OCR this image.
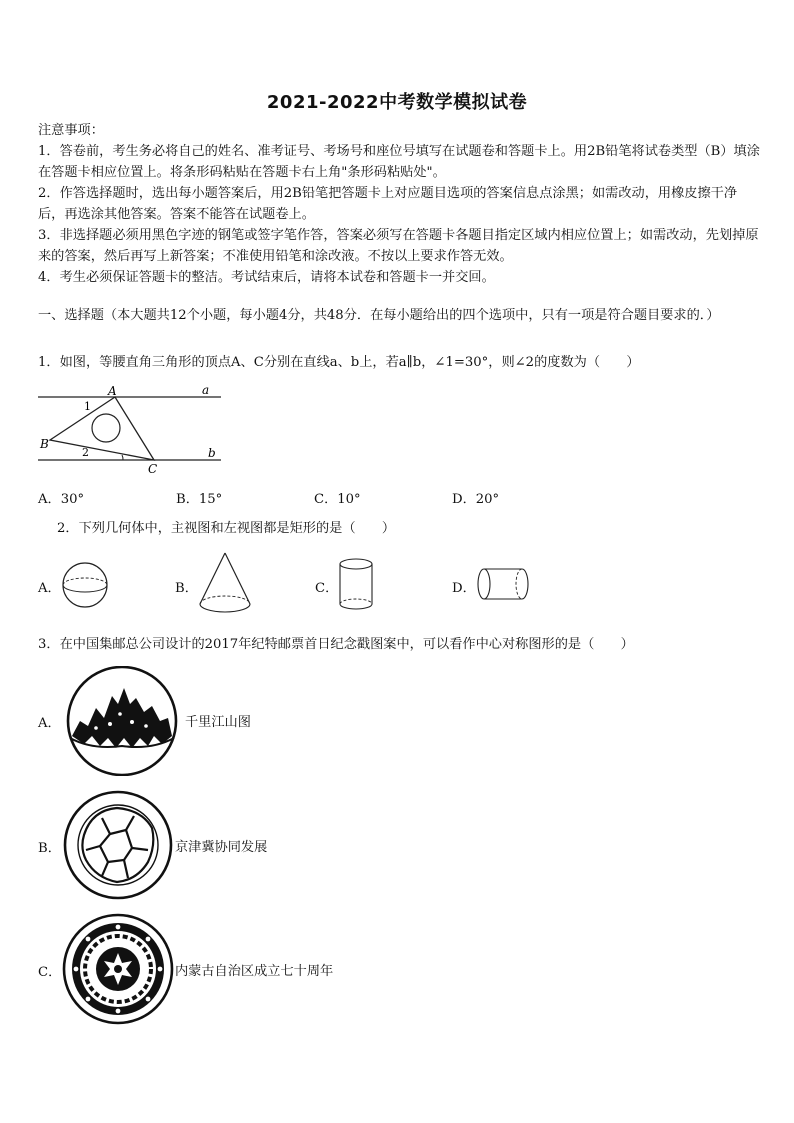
2021-2022中考数学模拟试卷

注意事项：

1．答卷前，考生务必将自己的姓名、准考证号、考场号和座位号填写在试题卷和答题卡上。用2B铅笔将试卷类型（B）填涂在答题卡相应位置上。将条形码粘贴在答题卡右上角"条形码粘贴处"。

2．作答选择题时，选出每小题答案后，用2B铅笔把答题卡上对应题目选项的答案信息点涂黑；如需改动，用橡皮擦干净后，再选涂其他答案。答案不能答在试题卷上。

3．非选择题必须用黑色字迹的钢笔或签字笔作答，答案必须写在答题卡各题目指定区域内相应位置上；如需改动，先划掉原来的答案，然后再写上新答案；不准使用铅笔和涂改液。不按以上要求作答无效。

4．考生必须保证答题卡的整洁。考试结束后，请将本试卷和答题卡一并交回。

一、选择题（本大题共12个小题，每小题4分，共48分．在每小题给出的四个选项中，只有一项是符合题目要求的．）

1．如图，等腰直角三角形的顶点A、C分别在直线a、b上，若a∥b，∠1=30°，则∠2的度数为（　　）
A
B
C
a
b
1
2
A．30°	B．15°	C．10°	D．20°
2．下列几何体中，主视图和左视图都是矩形的是（　　）
A．	B．	C．	D．
3．在中国集邮总公司设计的2017年纪特邮票首日纪念戳图案中，可以看作中心对称图形的是（　　）
A．	千里江山图
B．	京津冀协同发展
C．	内蒙古自治区成立七十周年
